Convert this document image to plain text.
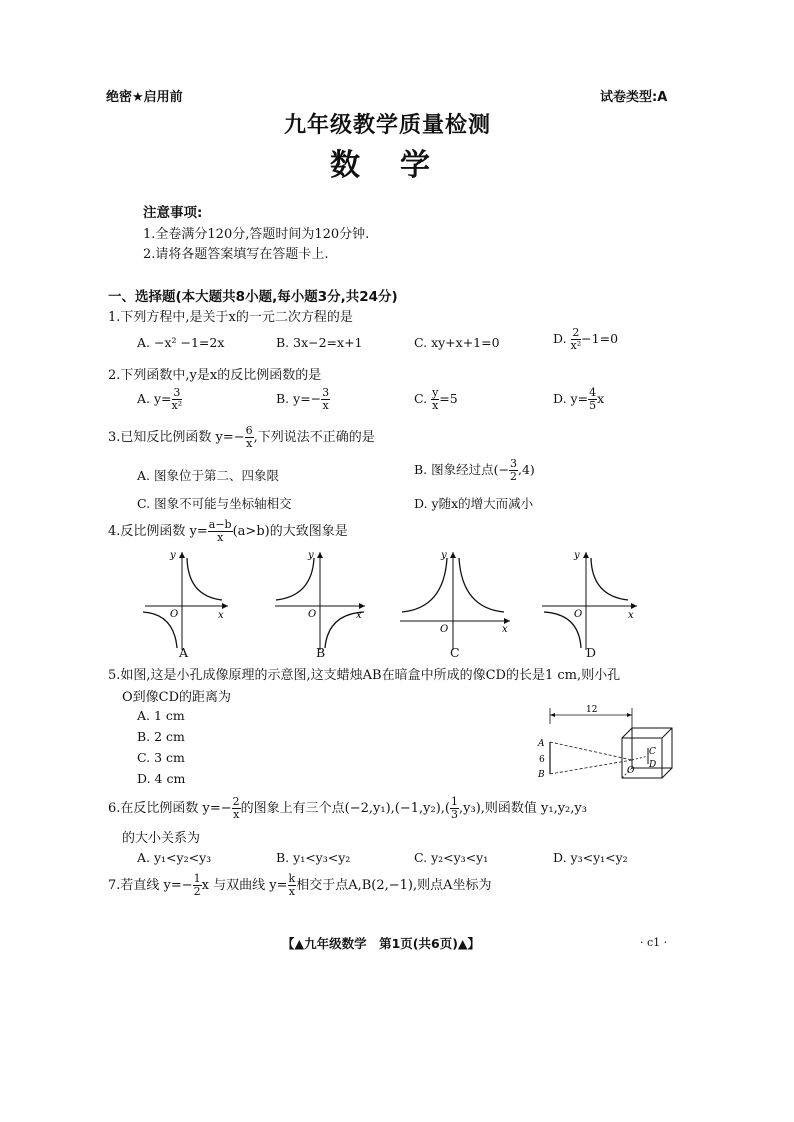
绝密★启用前	试卷类型:A
九年级教学质量检测
数学
注意事项:
1.全卷满分120分,答题时间为120分钟.
2.请将各题答案填写在答题卡上.
一、选择题(本大题共8小题,每小题3分,共24分)
1.下列方程中,是关于x的一元二次方程的是
A. −x² −1=2x	B. 3x−2=x+1	C. xy+x+1=0	D. $\frac{2}{\text{x²}} -1=0$
2.下列函数中,y是x的反比例函数的是
A. $y= \frac{3}{\text{x²}}$	B. $y=- \frac{3}{x}$	C. $\frac{y}{x} =5$	D. $y= \frac{4}{5}$ x
3.已知反比例函数 $y=- \frac{6}{x}$ ,下列说法不正确的是
A. 图象位于第二、四象限	B. 图象经过点(− $\frac{3}{2} ,4$)
C. 图象不可能与坐标轴相交	D. y随x的增大而减小
4.反比例函数 $y= \frac{a-b}{x} (a>b)$的大致图象是
x
y
O
A
x
y
O
B
x
y
O
C
x
y
O
D
5.如图,这是小孔成像原理的示意图,这支蜡烛AB在暗盒中所成的像CD的长是1 cm,则小孔
O到像CD的距离为
A. 1 cm
B. 2 cm
C. 3 cm
D. 4 cm
12
A
6
B	O
C
D
6.在反比例函数 $y=- \frac{2}{x}$ 的图象上有三个点$(-2,y_1),(-1,y_2),( \frac{1}{3} ,y_3)$,则函数值 y₁,y₂,y₃
的大小关系为
A. y₁<y₂<y₃	B. y₁<y₃<y₂	C. y₂<y₃<y₁	D. y₃<y₁<y₂
7.若直线 $y=- \frac{1}{2}$ x 与双曲线 $y= \frac{k}{x}$ 相交于点A,B(2,−1),则点A坐标为
【▲九年级数学　第1页(共6页)▲】	· c1 ·
